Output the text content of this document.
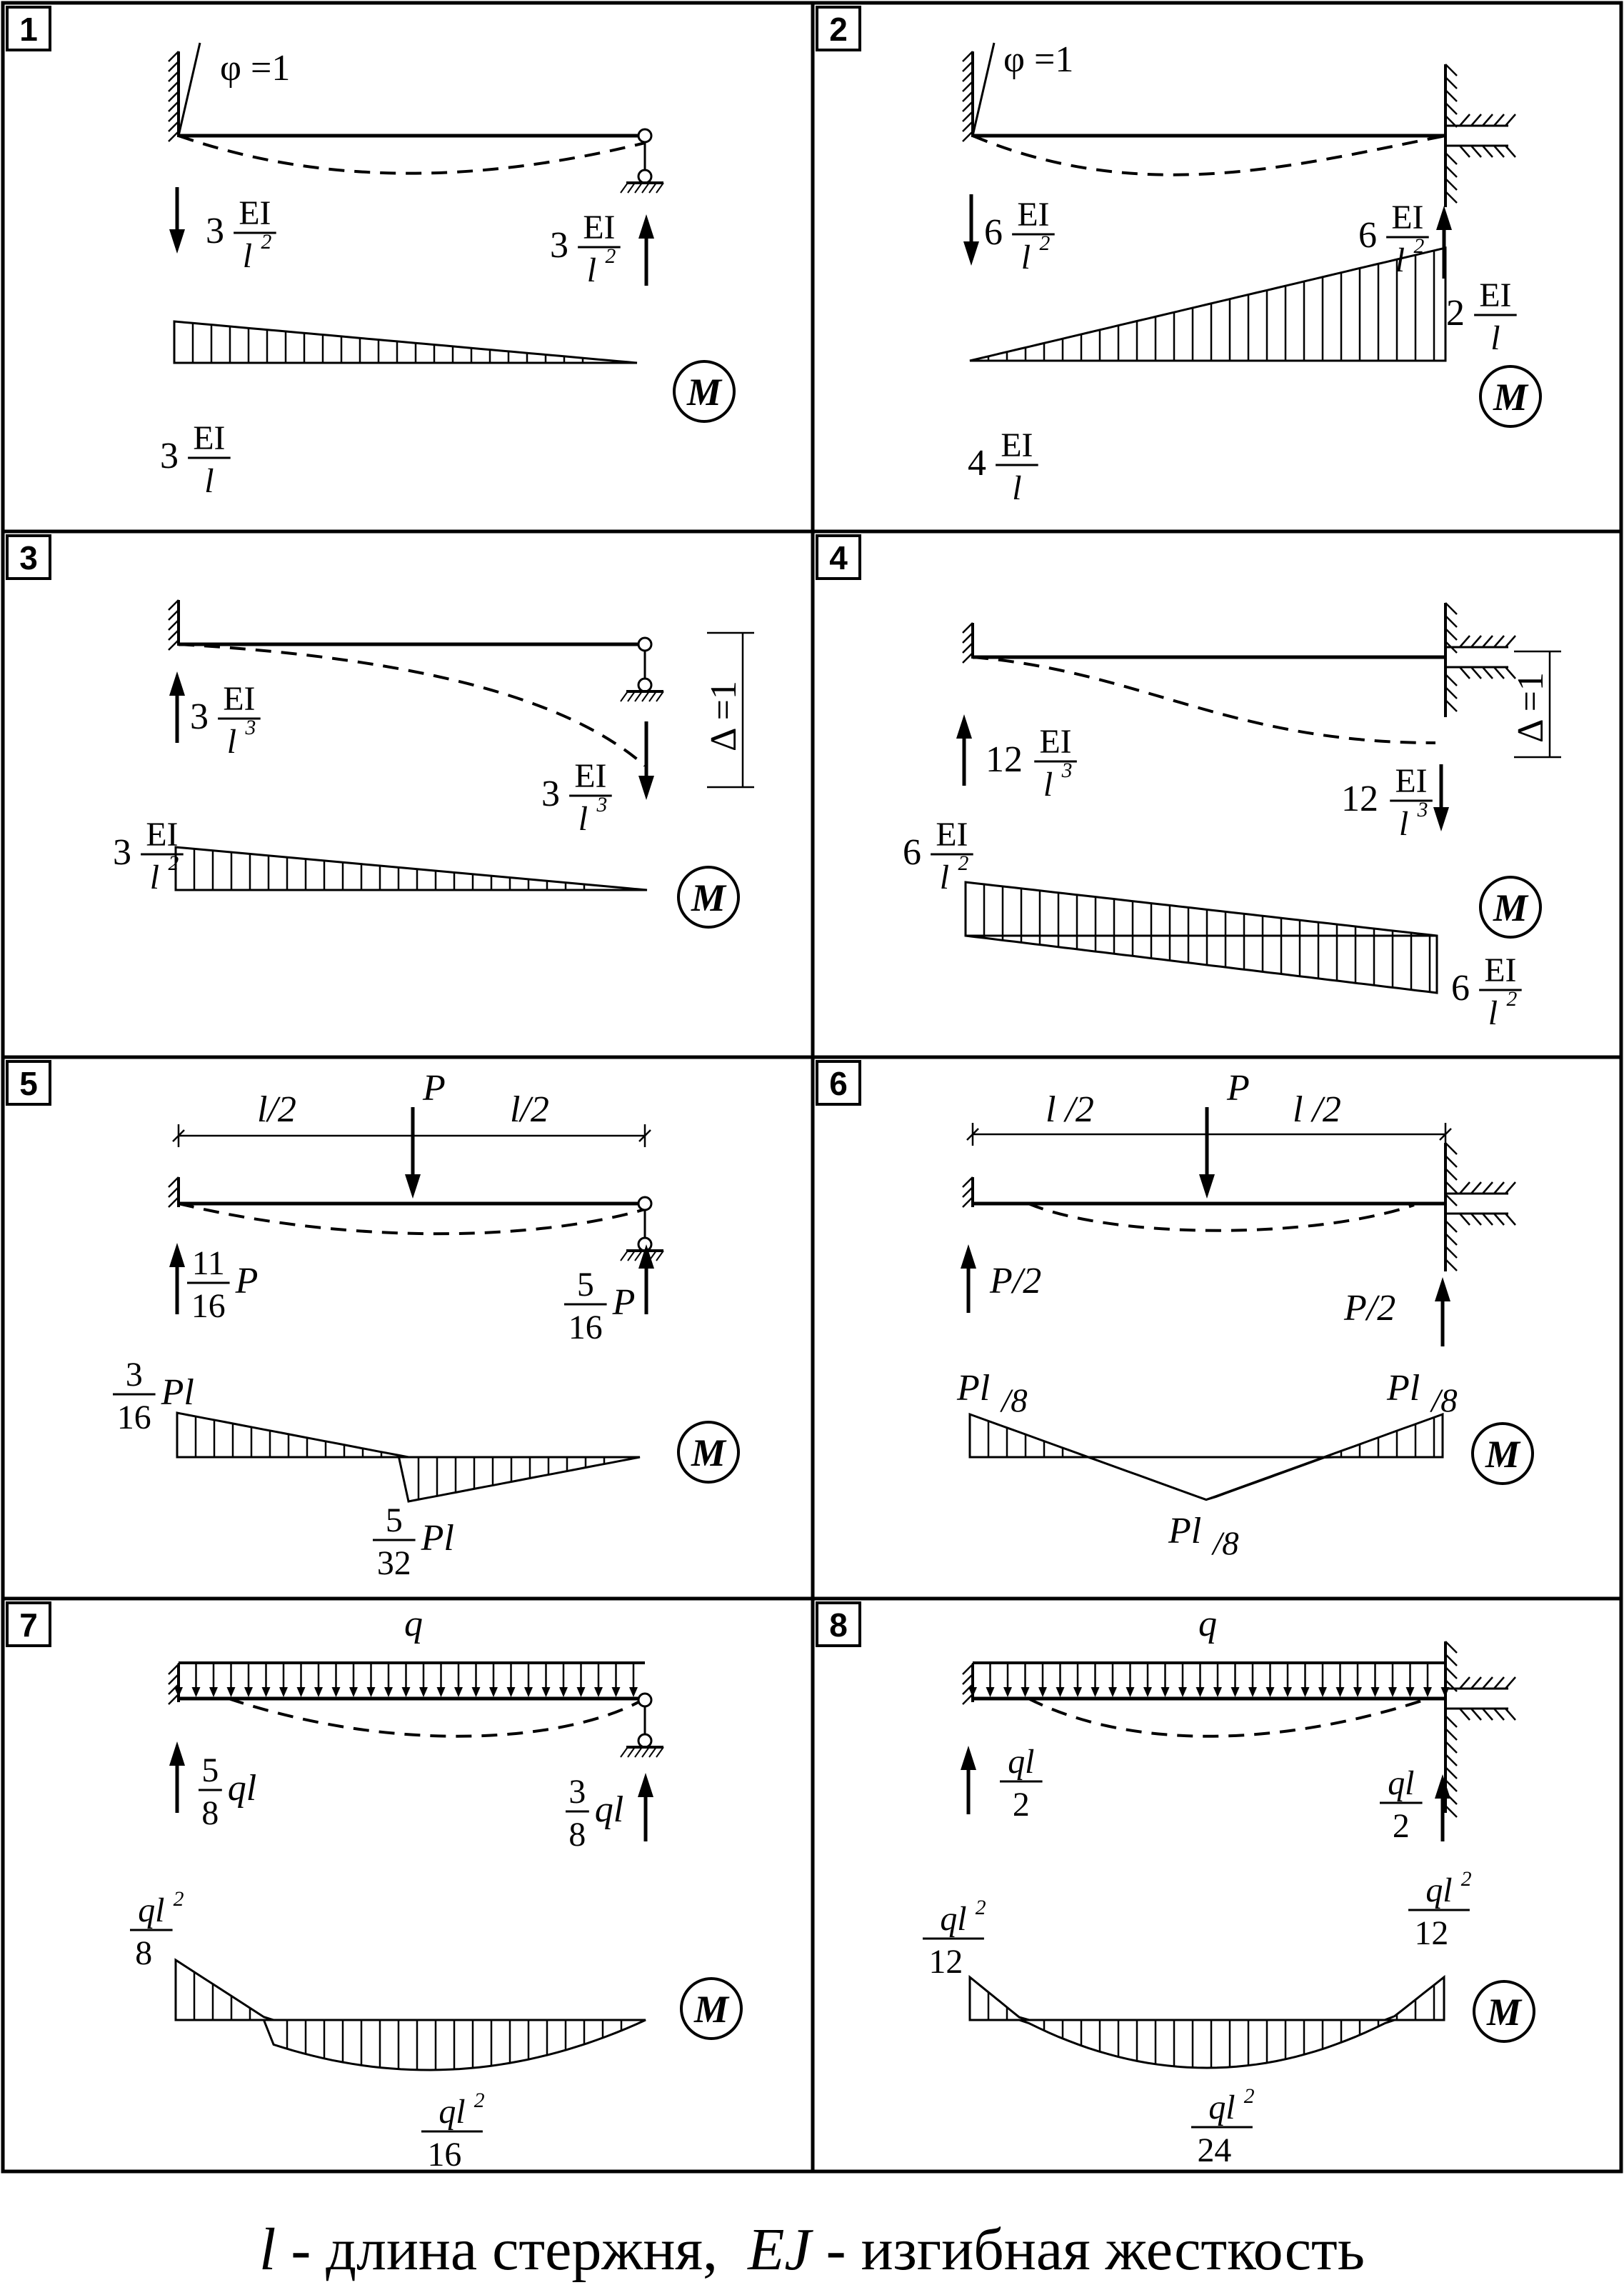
1
φ =1
3 EI
l 2	3 EI
l 2
3 EI
l
M
2
φ =1
6 EI
l 2	6 EI
l 2
2 EI
l
4 EI
l
M
3
Δ =1
3 EI
l 3
3 EI
l 3
3 EI
l 2
M
4
Δ =1
12 EI
l 3
12 EI
l 3
6 EI
l 2
6 EI
l 2
M
5
l/2	l/2
P
11
16
P	5
16
P
3
16
Pl
5
32
Pl
M
6
l /2	l /2
P
P/2
P/2
Pl /8	Pl /8
Pl /8
M
7	q
5
8
ql	3
8
ql
ql
8
2
ql
16
2
M
8	q
ql
2
ql
2
ql
12
2	ql
12
2
ql
24
2
M
l - длина стержня, EJ - изгибная жесткость
